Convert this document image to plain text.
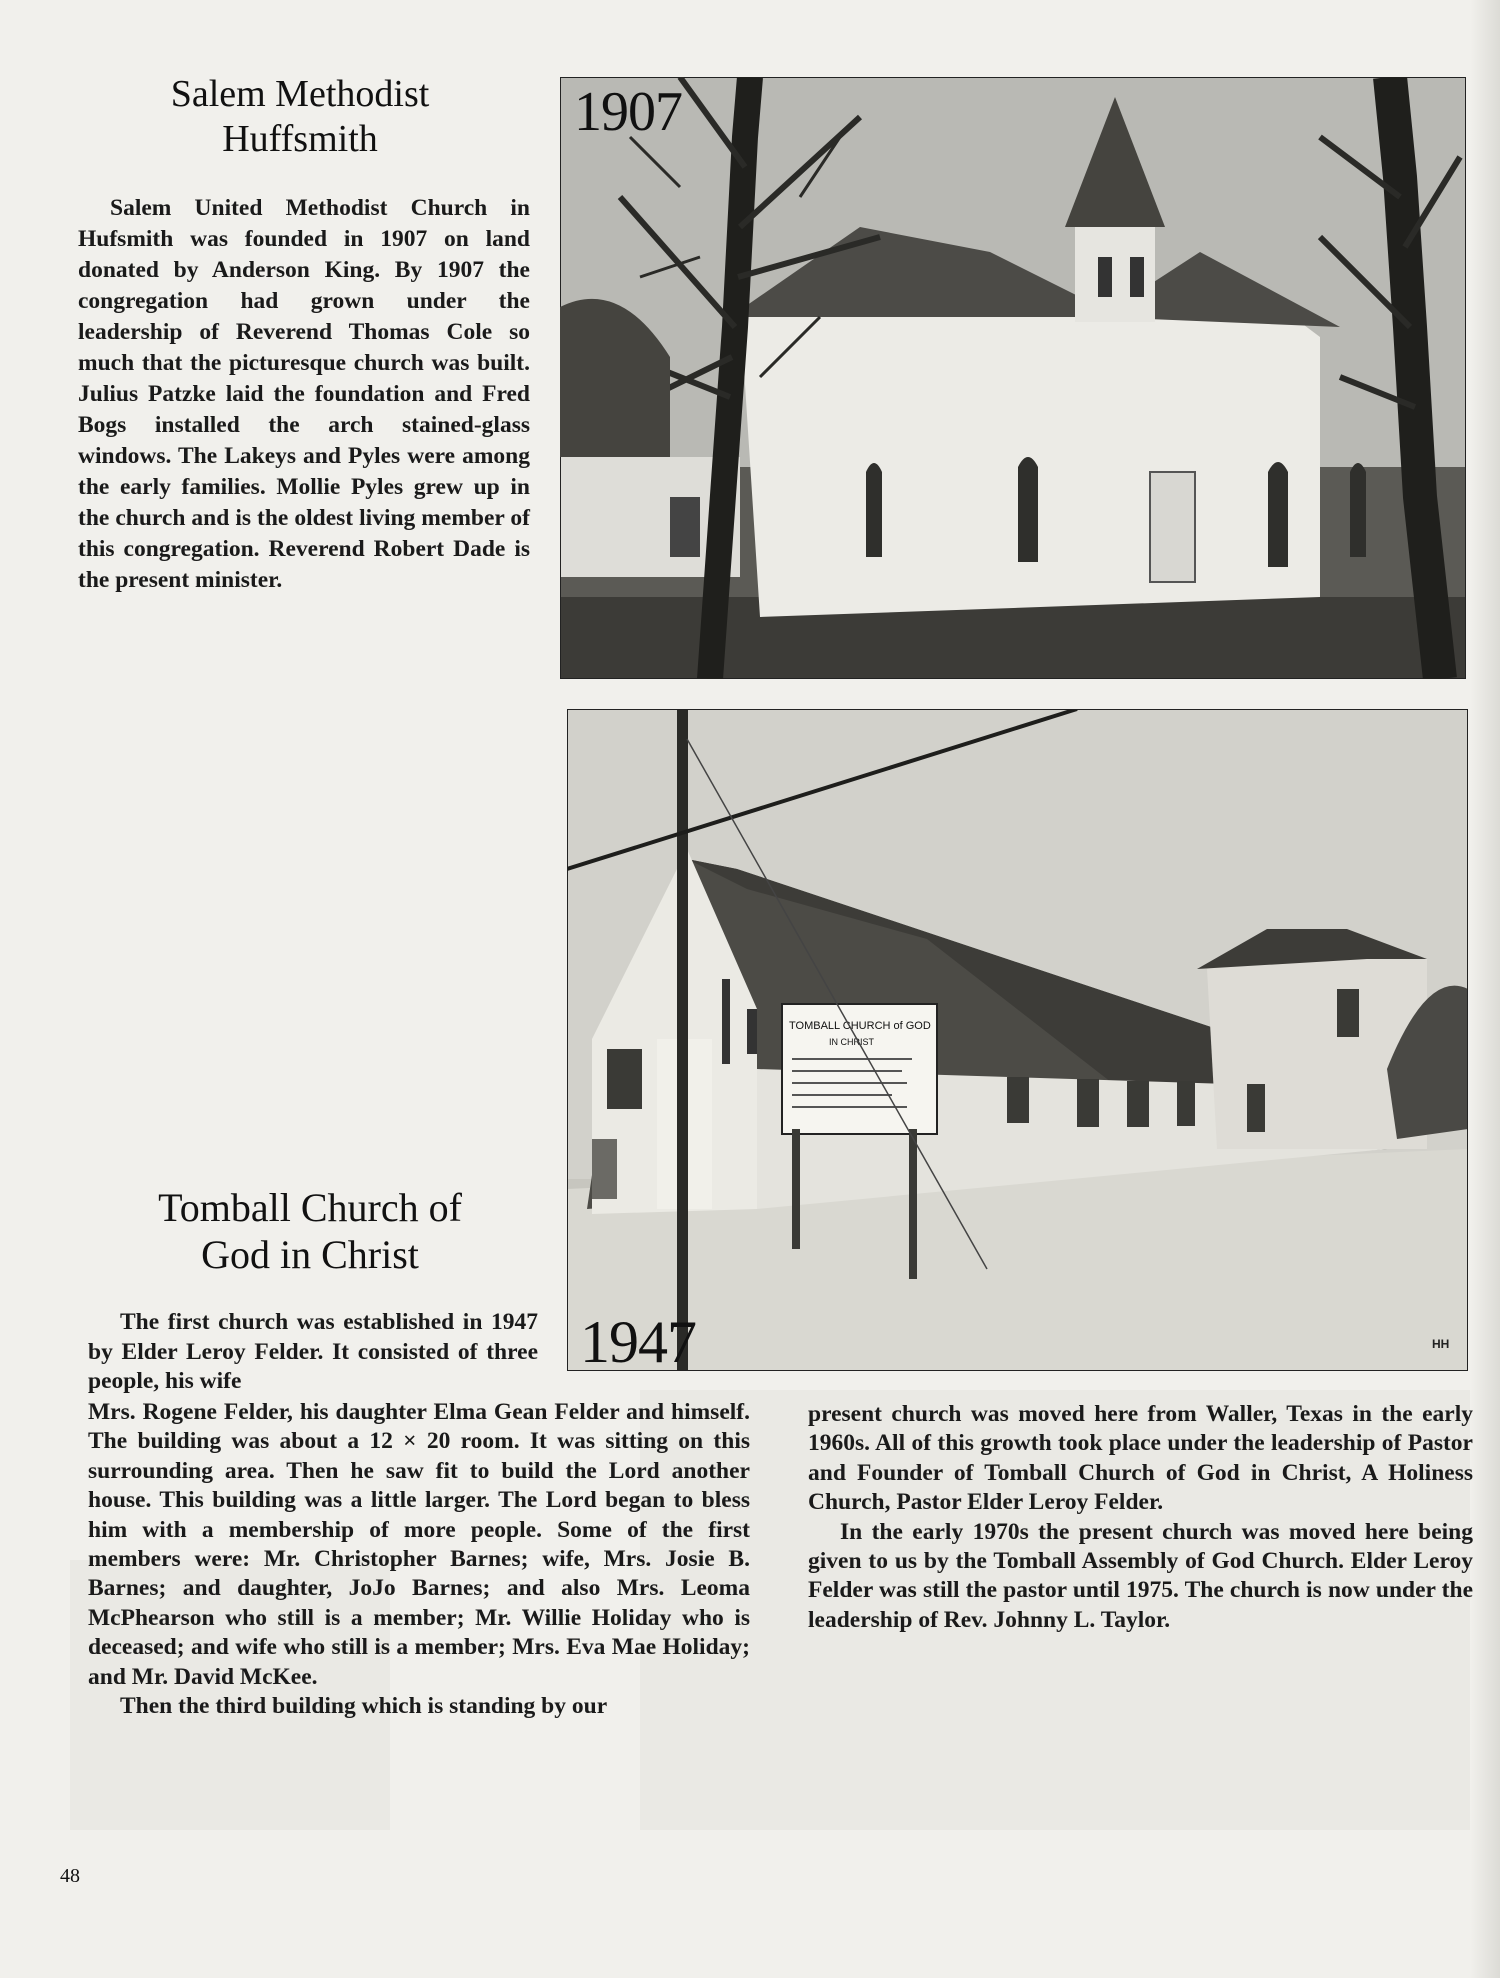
Salem Methodist
Huffsmith

Salem United Methodist Church in Hufsmith was founded in 1907 on land donated by Anderson King. By 1907 the congregation had grown under the leadership of Reverend Thomas Cole so much that the picturesque church was built. Julius Patzke laid the foundation and Fred Bogs installed the arch stained-glass windows. The Lakeys and Pyles were among the early families. Mollie Pyles grew up in the church and is the oldest living member of this congregation. Reverend Robert Dade is the present minister.

1907
TOMBALL CHURCH of GOD
IN CHRIST
1947	HH
Tomball Church of
God in Christ

The first church was established in 1947 by Elder Leroy Felder. It consisted of three people, his wife

Mrs. Rogene Felder, his daughter Elma Gean Felder and himself. The building was about a 12 × 20 room. It was sitting on this surrounding area. Then he saw fit to build the Lord another house. This building was a little larger. The Lord began to bless him with a membership of more people. Some of the first members were: Mr. Christopher Barnes; wife, Mrs. Josie B. Barnes; and daughter, JoJo Barnes; and also Mrs. Leoma McPhearson who still is a member; Mr. Willie Holiday who is deceased; and wife who still is a member; Mrs. Eva Mae Holiday; and Mr. David McKee.

Then the third building which is standing by our

present church was moved here from Waller, Texas in the early 1960s. All of this growth took place under the leadership of Pastor and Founder of Tomball Church of God in Christ, A Holiness Church, Pastor Elder Leroy Felder.

In the early 1970s the present church was moved here being given to us by the Tomball Assembly of God Church. Elder Leroy Felder was still the pastor until 1975. The church is now under the leadership of Rev. Johnny L. Taylor.

48
